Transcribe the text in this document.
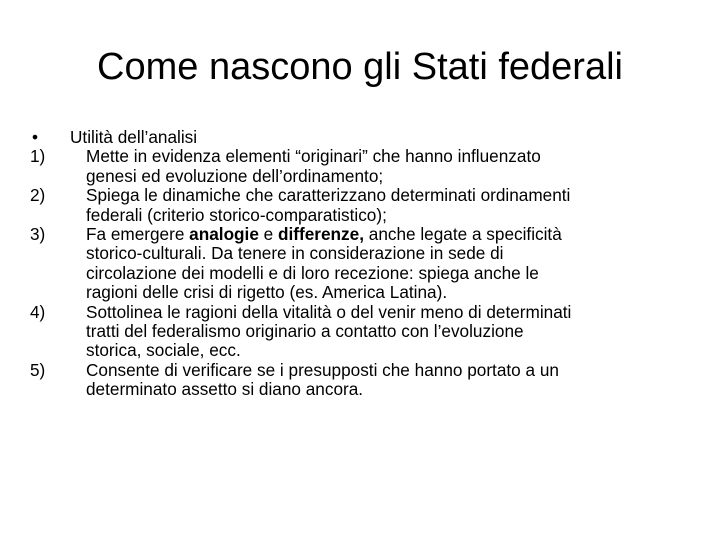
Come nascono gli Stati federali
• Utilità dell’analisi
1) Mette in evidenza elementi “originari” che hanno influenzato
genesi ed evoluzione dell’ordinamento;
2) Spiega le dinamiche che caratterizzano determinati ordinamenti
federali (criterio storico-comparatistico);
3) Fa emergere analogie e differenze, anche legate a specificità
storico-culturali. Da tenere in considerazione in sede di
circolazione dei modelli e di loro recezione: spiega anche le
ragioni delle crisi di rigetto (es. America Latina).
4) Sottolinea le ragioni della vitalità o del venir meno di determinati
tratti del federalismo originario a contatto con l’evoluzione
storica, sociale, ecc.
5) Consente di verificare se i presupposti che hanno portato a un
determinato assetto si diano ancora.
